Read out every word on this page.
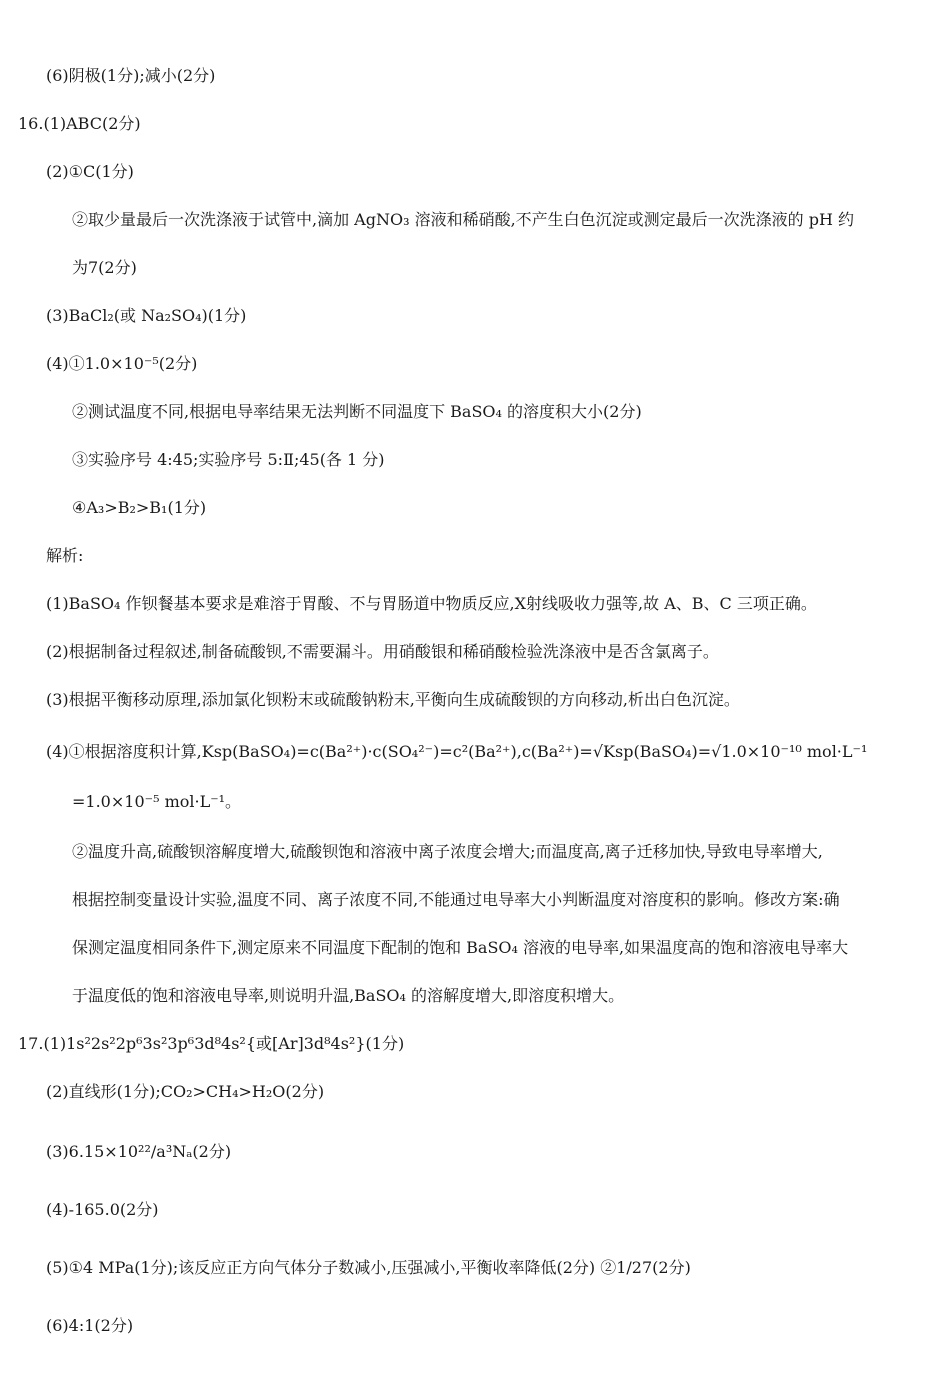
(6)阴极(1分);减小(2分)
16.(1)ABC(2分)
(2)①C(1分)
②取少量最后一次洗涤液于试管中,滴加 AgNO₃ 溶液和稀硝酸,不产生白色沉淀或测定最后一次洗涤液的 pH 约
为7(2分)
(3)BaCl₂(或 Na₂SO₄)(1分)
(4)①1.0×10⁻⁵(2分)
②测试温度不同,根据电导率结果无法判断不同温度下 BaSO₄ 的溶度积大小(2分)
③实验序号 4:45;实验序号 5:Ⅱ;45(各 1 分)
④A₃>B₂>B₁(1分)
解析:
(1)BaSO₄ 作钡餐基本要求是难溶于胃酸、不与胃肠道中物质反应,X射线吸收力强等,故 A、B、C 三项正确。
(2)根据制备过程叙述,制备硫酸钡,不需要漏斗。用硝酸银和稀硝酸检验洗涤液中是否含氯离子。
(3)根据平衡移动原理,添加氯化钡粉末或硫酸钠粉末,平衡向生成硫酸钡的方向移动,析出白色沉淀。
(4)①根据溶度积计算,Ksp(BaSO₄)=c(Ba²⁺)·c(SO₄²⁻)=c²(Ba²⁺),c(Ba²⁺)=√Ksp(BaSO₄)=√1.0×10⁻¹⁰ mol·L⁻¹
=1.0×10⁻⁵ mol·L⁻¹。
②温度升高,硫酸钡溶解度增大,硫酸钡饱和溶液中离子浓度会增大;而温度高,离子迁移加快,导致电导率增大,
根据控制变量设计实验,温度不同、离子浓度不同,不能通过电导率大小判断温度对溶度积的影响。修改方案:确
保测定温度相同条件下,测定原来不同温度下配制的饱和 BaSO₄ 溶液的电导率,如果温度高的饱和溶液电导率大
于温度低的饱和溶液电导率,则说明升温,BaSO₄ 的溶解度增大,即溶度积增大。
17.(1)1s²2s²2p⁶3s²3p⁶3d⁸4s²{或[Ar]3d⁸4s²}(1分)
(2)直线形(1分);CO₂>CH₄>H₂O(2分)
(3)6.15×10²²/a³Nₐ(2分)
(4)-165.0(2分)
(5)①4 MPa(1分);该反应正方向气体分子数减小,压强减小,平衡收率降低(2分) ②1/27(2分)
(6)4:1(2分)
